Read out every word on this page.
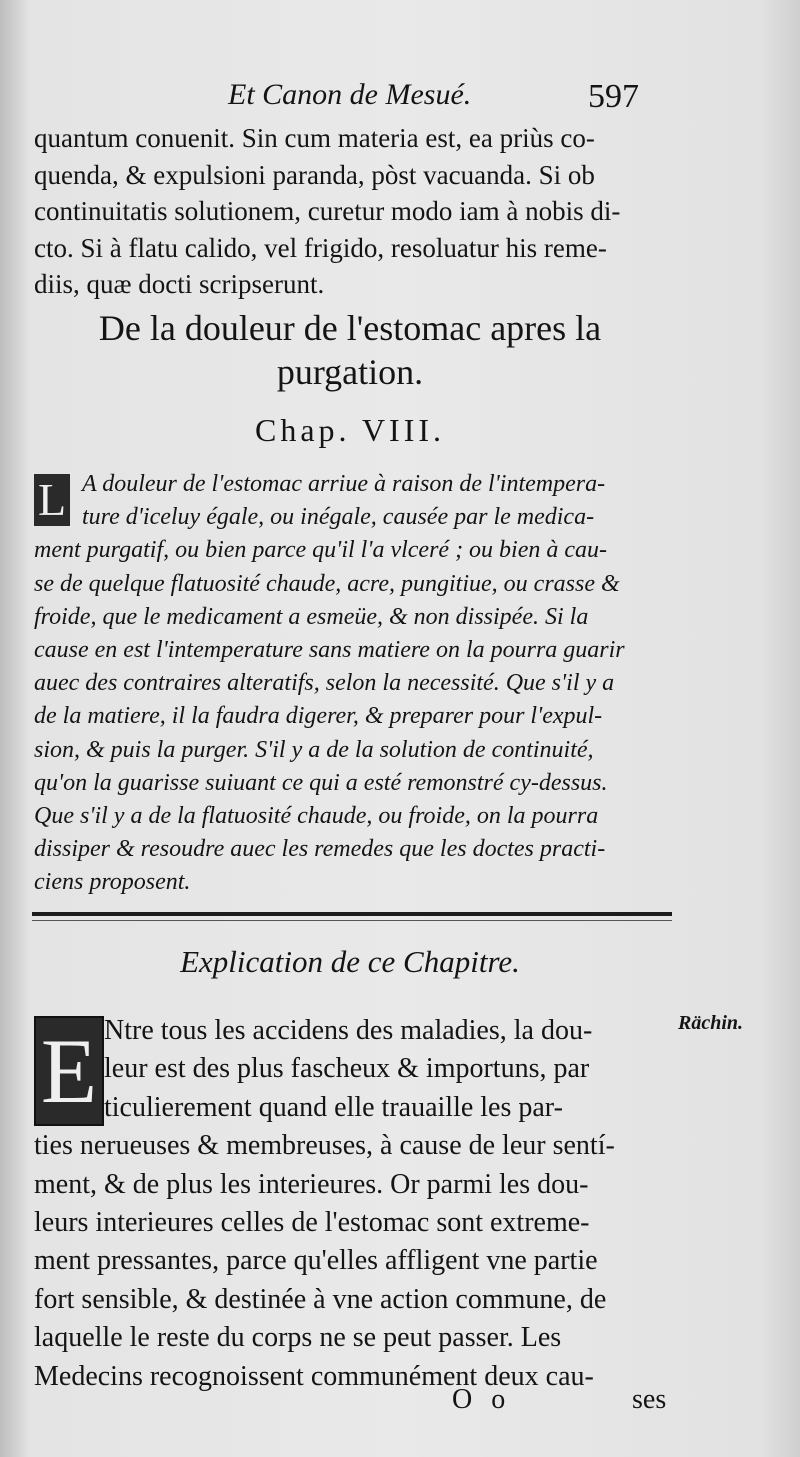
Et Canon de Mesué.	597
quantum conuenit. Sin cum materia est, ea priùs co-
quenda, & expulsioni paranda, pòst vacuanda. Si ob
continuitatis solutionem, curetur modo iam à nobis di-
cto. Si à flatu calido, vel frigido, resoluatur his reme-
diis, quæ docti scripserunt.
De la douleur de l'estomac apres la
purgation.
Chap. VIII.
L A douleur de l'estomac arriue à raison de l'intempera-
ture d'iceluy égale, ou inégale, causée par le medica-
ment purgatif, ou bien parce qu'il l'a vlceré ; ou bien à cau-
se de quelque flatuosité chaude, acre, pungitiue, ou crasse &
froide, que le medicament a esmeüe, & non dissipée. Si la
cause en est l'intemperature sans matiere on la pourra guarir
auec des contraires alteratifs, selon la necessité. Que s'il y a
de la matiere, il la faudra digerer, & preparer pour l'expul-
sion, & puis la purger. S'il y a de la solution de continuité,
qu'on la guarisse suiuant ce qui a esté remonstré cy-dessus.
Que s'il y a de la flatuosité chaude, ou froide, on la pourra
dissiper & resoudre auec les remedes que les doctes practi-
ciens proposent.
Explication de ce Chapitre.
E Ntre tous les accidens des maladies, la dou-
leur est des plus fascheux & importuns, par
ticulierement quand elle trauaille les par-
ties nerueuses & membreuses, à cause de leur sentí-
ment, & de plus les interieures. Or parmi les dou-
leurs interieures celles de l'estomac sont extreme-
ment pressantes, parce qu'elles affligent vne partie
fort sensible, & destinée à vne action commune, de
laquelle le reste du corps ne se peut passer. Les
Medecins recognoissent communément deux cau-
Rächin.
O o	ses
